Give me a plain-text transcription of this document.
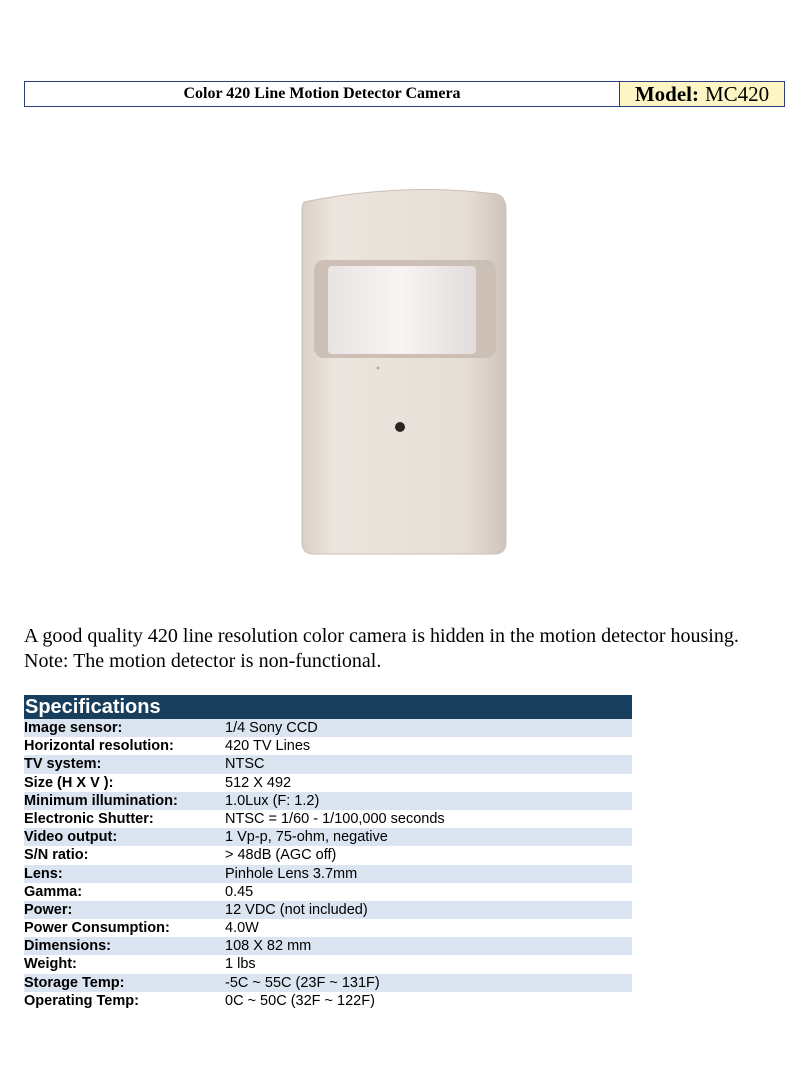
Color 420 Line Motion Detector Camera	Model: MC420

A good quality 420 line resolution color camera is hidden in the motion detector housing.

Note: The motion detector is non-functional.

Specifications
Image sensor:	1/4 Sony CCD
Horizontal resolution:	420 TV Lines
TV system:	NTSC
Size (H X V ):	512 X 492
Minimum illumination:	1.0Lux (F: 1.2)
Electronic Shutter:	NTSC = 1/60 - 1/100,000 seconds
Video output:	1 Vp-p, 75-ohm, negative
S/N ratio:	> 48dB (AGC off)
Lens:	Pinhole Lens 3.7mm
Gamma:	0.45
Power:	12 VDC (not included)
Power Consumption:	4.0W
Dimensions:	108 X 82 mm
Weight:	1 lbs
Storage Temp:	-5C ~ 55C (23F ~ 131F)
Operating Temp:	0C ~ 50C (32F ~ 122F)
